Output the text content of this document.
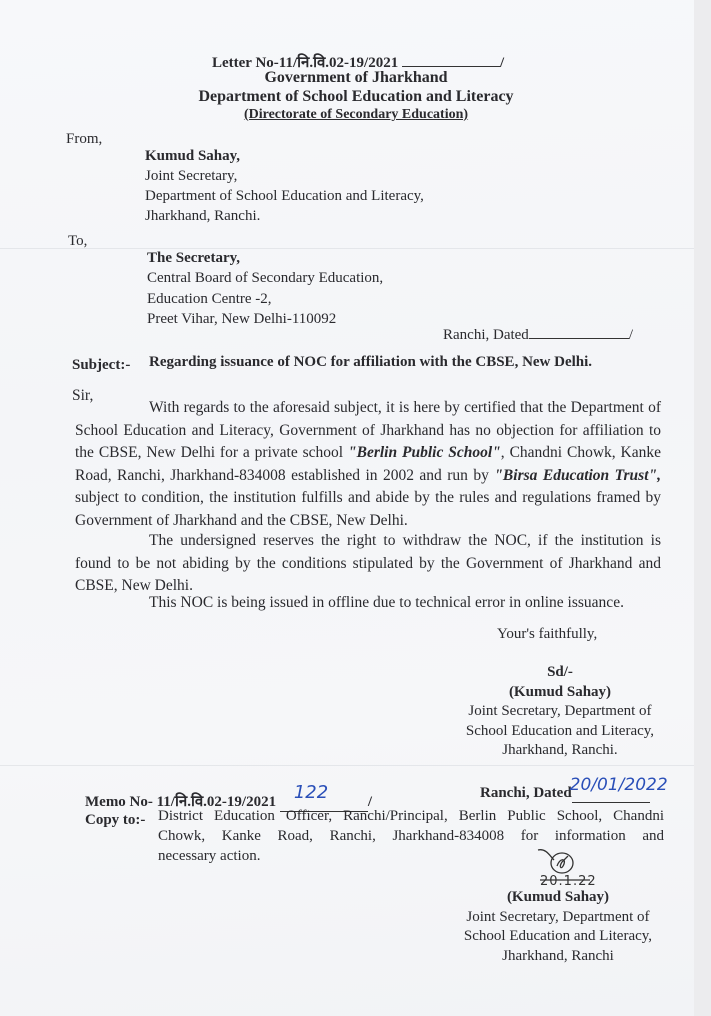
Letter No-11/नि.वि.02-19/2021	/
Government of Jharkhand
Department of School Education and Literacy
(Directorate of Secondary Education)
From,
Kumud Sahay,
Joint Secretary,
Department of School Education and Literacy,
Jharkhand, Ranchi.
To,
The Secretary,
Central Board of Secondary Education,
Education Centre -2,
Preet Vihar, New Delhi-110092
Ranchi, Dated	/
Subject:- Regarding issuance of NOC for affiliation with the CBSE, New Delhi.
Sir,
With regards to the aforesaid subject, it is here by certified that the Department of School Education and Literacy, Government of Jharkhand has no objection for affiliation to the CBSE, New Delhi for a private school "Berlin Public School", Chandni Chowk, Kanke Road, Ranchi, Jharkhand-834008 established in 2002 and run by "Birsa Education Trust", subject to condition, the institution fulfills and abide by the rules and regulations framed by Government of Jharkhand and the CBSE, New Delhi.
The undersigned reserves the right to withdraw the NOC, if the institution is found to be not abiding by the conditions stipulated by the Government of Jharkhand and CBSE, New Delhi.
This NOC is being issued in offline due to technical error in online issuance.
Your's faithfully,
Sd/-
(Kumud Sahay)
Joint Secretary, Department of
School Education and Literacy,
Jharkhand, Ranchi.
Memo No- 11/नि.वि.02-19/2021 122	/
Ranchi, Dated
20/01/2022

Copy to:- District Education Officer, Ranchi/Principal, Berlin Public School, Chandni
Chowk, Kanke Road, Ranchi, Jharkhand-834008 for information and
necessary action.
20.1.22
(Kumud Sahay)
Joint Secretary, Department of
School Education and Literacy,
Jharkhand, Ranchi
